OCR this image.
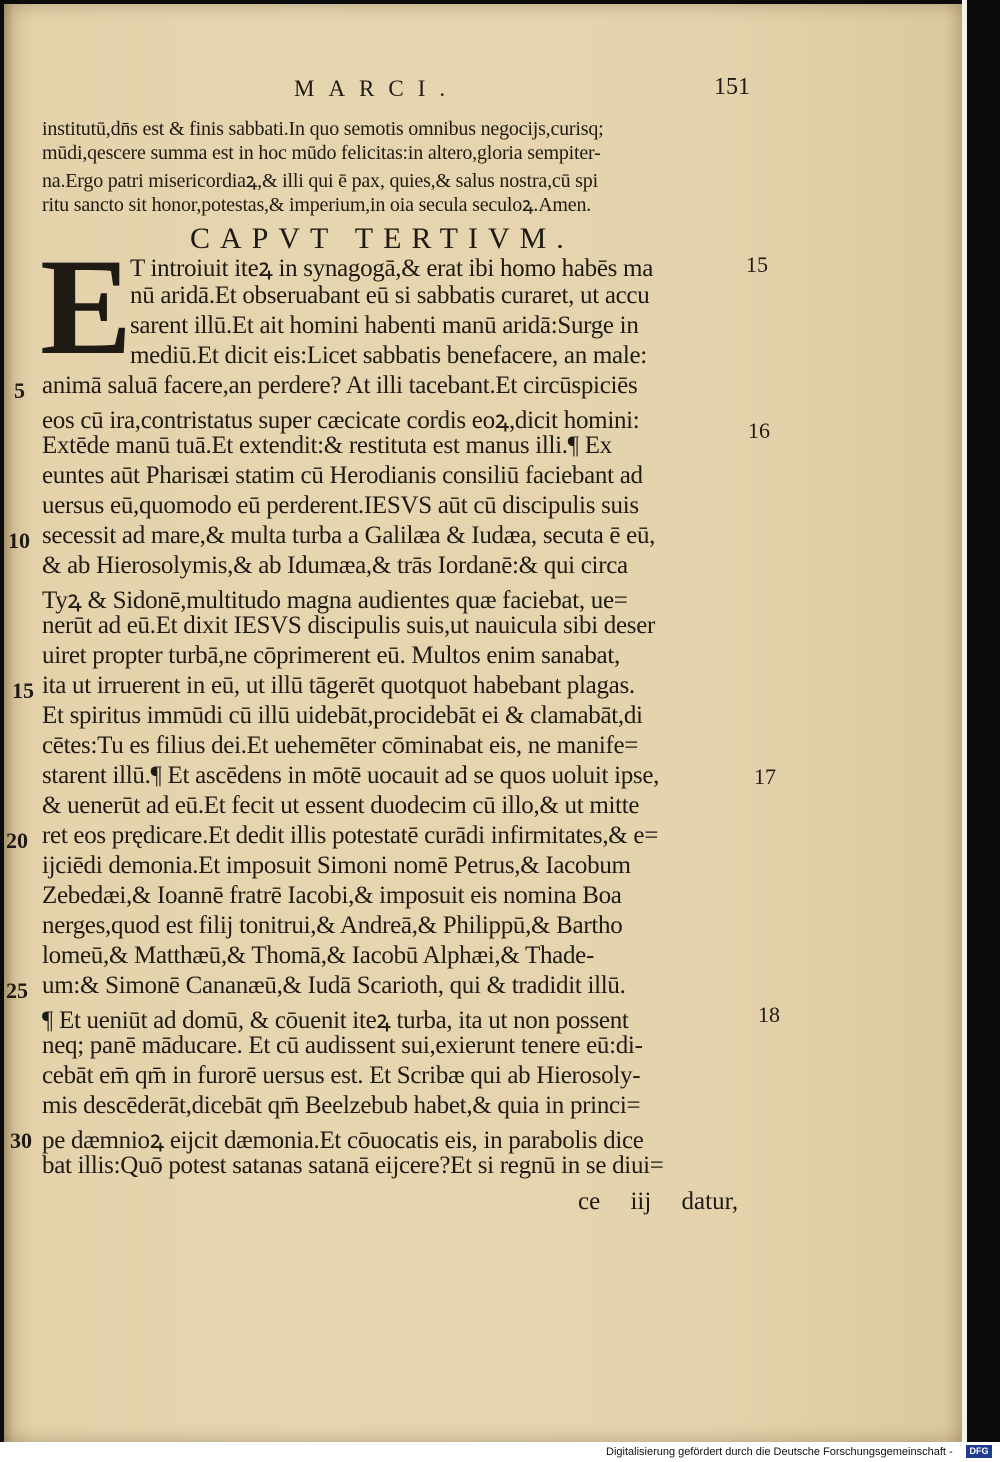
MARCI.	151
institutū,dn̄s est & finis sabbati.In quo semotis omnibus negocijs,curisq;
mūdi,qescere summa est in hoc mūdo felicitas:in altero,gloria sempiter-
na.Ergo patri misericordiaꝝ,& illi qui ē pax, quies,& salus nostra,cū spi
ritu sancto sit honor,potestas,& imperium,in oia secula seculoꝝ.Amen.
CAPVT TERTIVM.
E
T introiuit iteꝝ in synagogā,& erat ibi homo habēs ma
nū aridā.Et obseruabant eū si sabbatis curaret, ut accu
sarent illū.Et ait homini habenti manū aridā:Surge in
mediū.Et dicit eis:Licet sabbatis benefacere, an male:
animā saluā facere,an perdere? At illi tacebant.Et circūspiciēs
eos cū ira,contristatus super cæcicate cordis eoꝝ,dicit homini:
Extēde manū tuā.Et extendit:& restituta est manus illi.¶ Ex
euntes aūt Pharisæi statim cū Herodianis consiliū faciebant ad
uersus eū,quomodo eū perderent.IESVS aūt cū discipulis suis
secessit ad mare,& multa turba a Galilæa & Iudæa, secuta ē eū,
& ab Hierosolymis,& ab Idumæa,& trās Iordanē:& qui circa
Tyꝝ & Sidonē,multitudo magna audientes quæ faciebat, ue=
nerūt ad eū.Et dixit IESVS discipulis suis,ut nauicula sibi deser
uiret propter turbā,ne cōprimerent eū. Multos enim sanabat,
ita ut irruerent in eū, ut illū tāgerēt quotquot habebant plagas.
Et spiritus immūdi cū illū uidebāt,procidebāt ei & clamabāt,di
cētes:Tu es filius dei.Et uehemēter cōminabat eis, ne manife=
starent illū.¶ Et ascēdens in mōtē uocauit ad se quos uoluit ipse,
& uenerūt ad eū.Et fecit ut essent duodecim cū illo,& ut mitte
ret eos prędicare.Et dedit illis potestatē curādi infirmitates,& e=
ijciēdi demonia.Et imposuit Simoni nomē Petrus,& Iacobum
Zebedæi,& Ioannē fratrē Iacobi,& imposuit eis nomina Boa
nerges,quod est filij tonitrui,& Andreā,& Philippū,& Bartho
lomeū,& Matthæū,& Thomā,& Iacobū Alphæi,& Thade-
um:& Simonē Cananæū,& Iudā Scarioth, qui & tradidit illū.
¶ Et ueniūt ad domū, & cōuenit iteꝝ turba, ita ut non possent
neq; panē māducare. Et cū audissent sui,exierunt tenere eū:di-
cebāt em̄ qm̄ in furorē uersus est. Et Scribæ qui ab Hierosoly-
mis descēderāt,dicebāt qm̄ Beelzebub habet,& quia in princi=
pe dæmnioꝝ eijcit dæmonia.Et cōuocatis eis, in parabolis dice
bat illis:Quō potest satanas satanā eijcere?Et si regnū in se diui=
ce iij datur,
5
10
15
20
25
30
15
16
17
18
Digitalisierung gefördert durch die Deutsche Forschungsgemeinschaft -	DFG
